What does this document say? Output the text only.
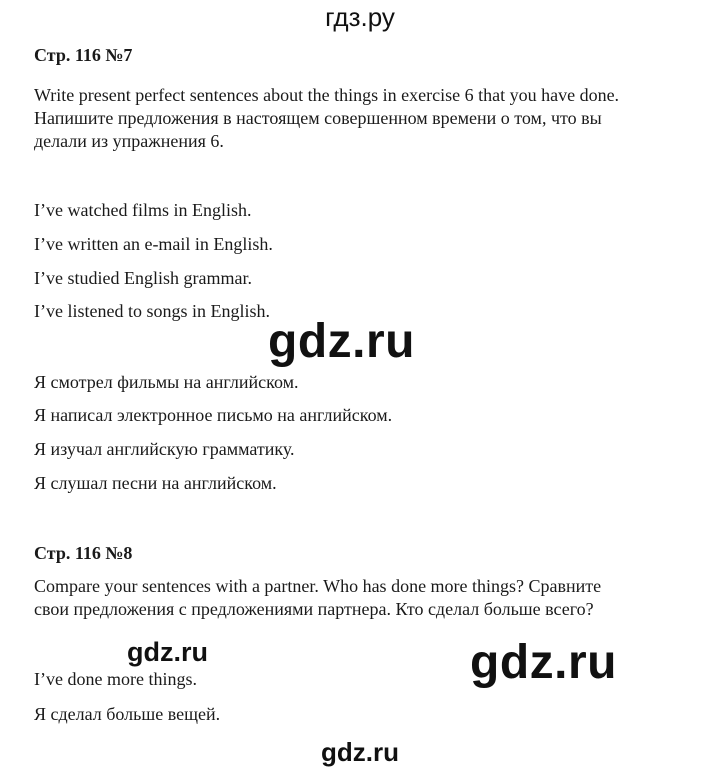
гдз.ру
gdz.ru
gdz.ru	gdz.ru
gdz.ru
Стр. 116 №7
Write present perfect sentences about the things in exercise 6 that you have done.
Напишите предложения в настоящем совершенном времени о том, что вы
делали из упражнения 6.
I’ve watched films in English.
I’ve written an e-mail in English.
I’ve studied English grammar.
I’ve listened to songs in English.
Я смотрел фильмы на английском.
Я написал электронное письмо на английском.
Я изучал английскую грамматику.
Я слушал песни на английском.
Стр. 116 №8
Compare your sentences with a partner. Who has done more things? Сравните
свои предложения с предложениями партнера. Кто сделал больше всего?
I’ve done more things.
Я сделал больше вещей.
